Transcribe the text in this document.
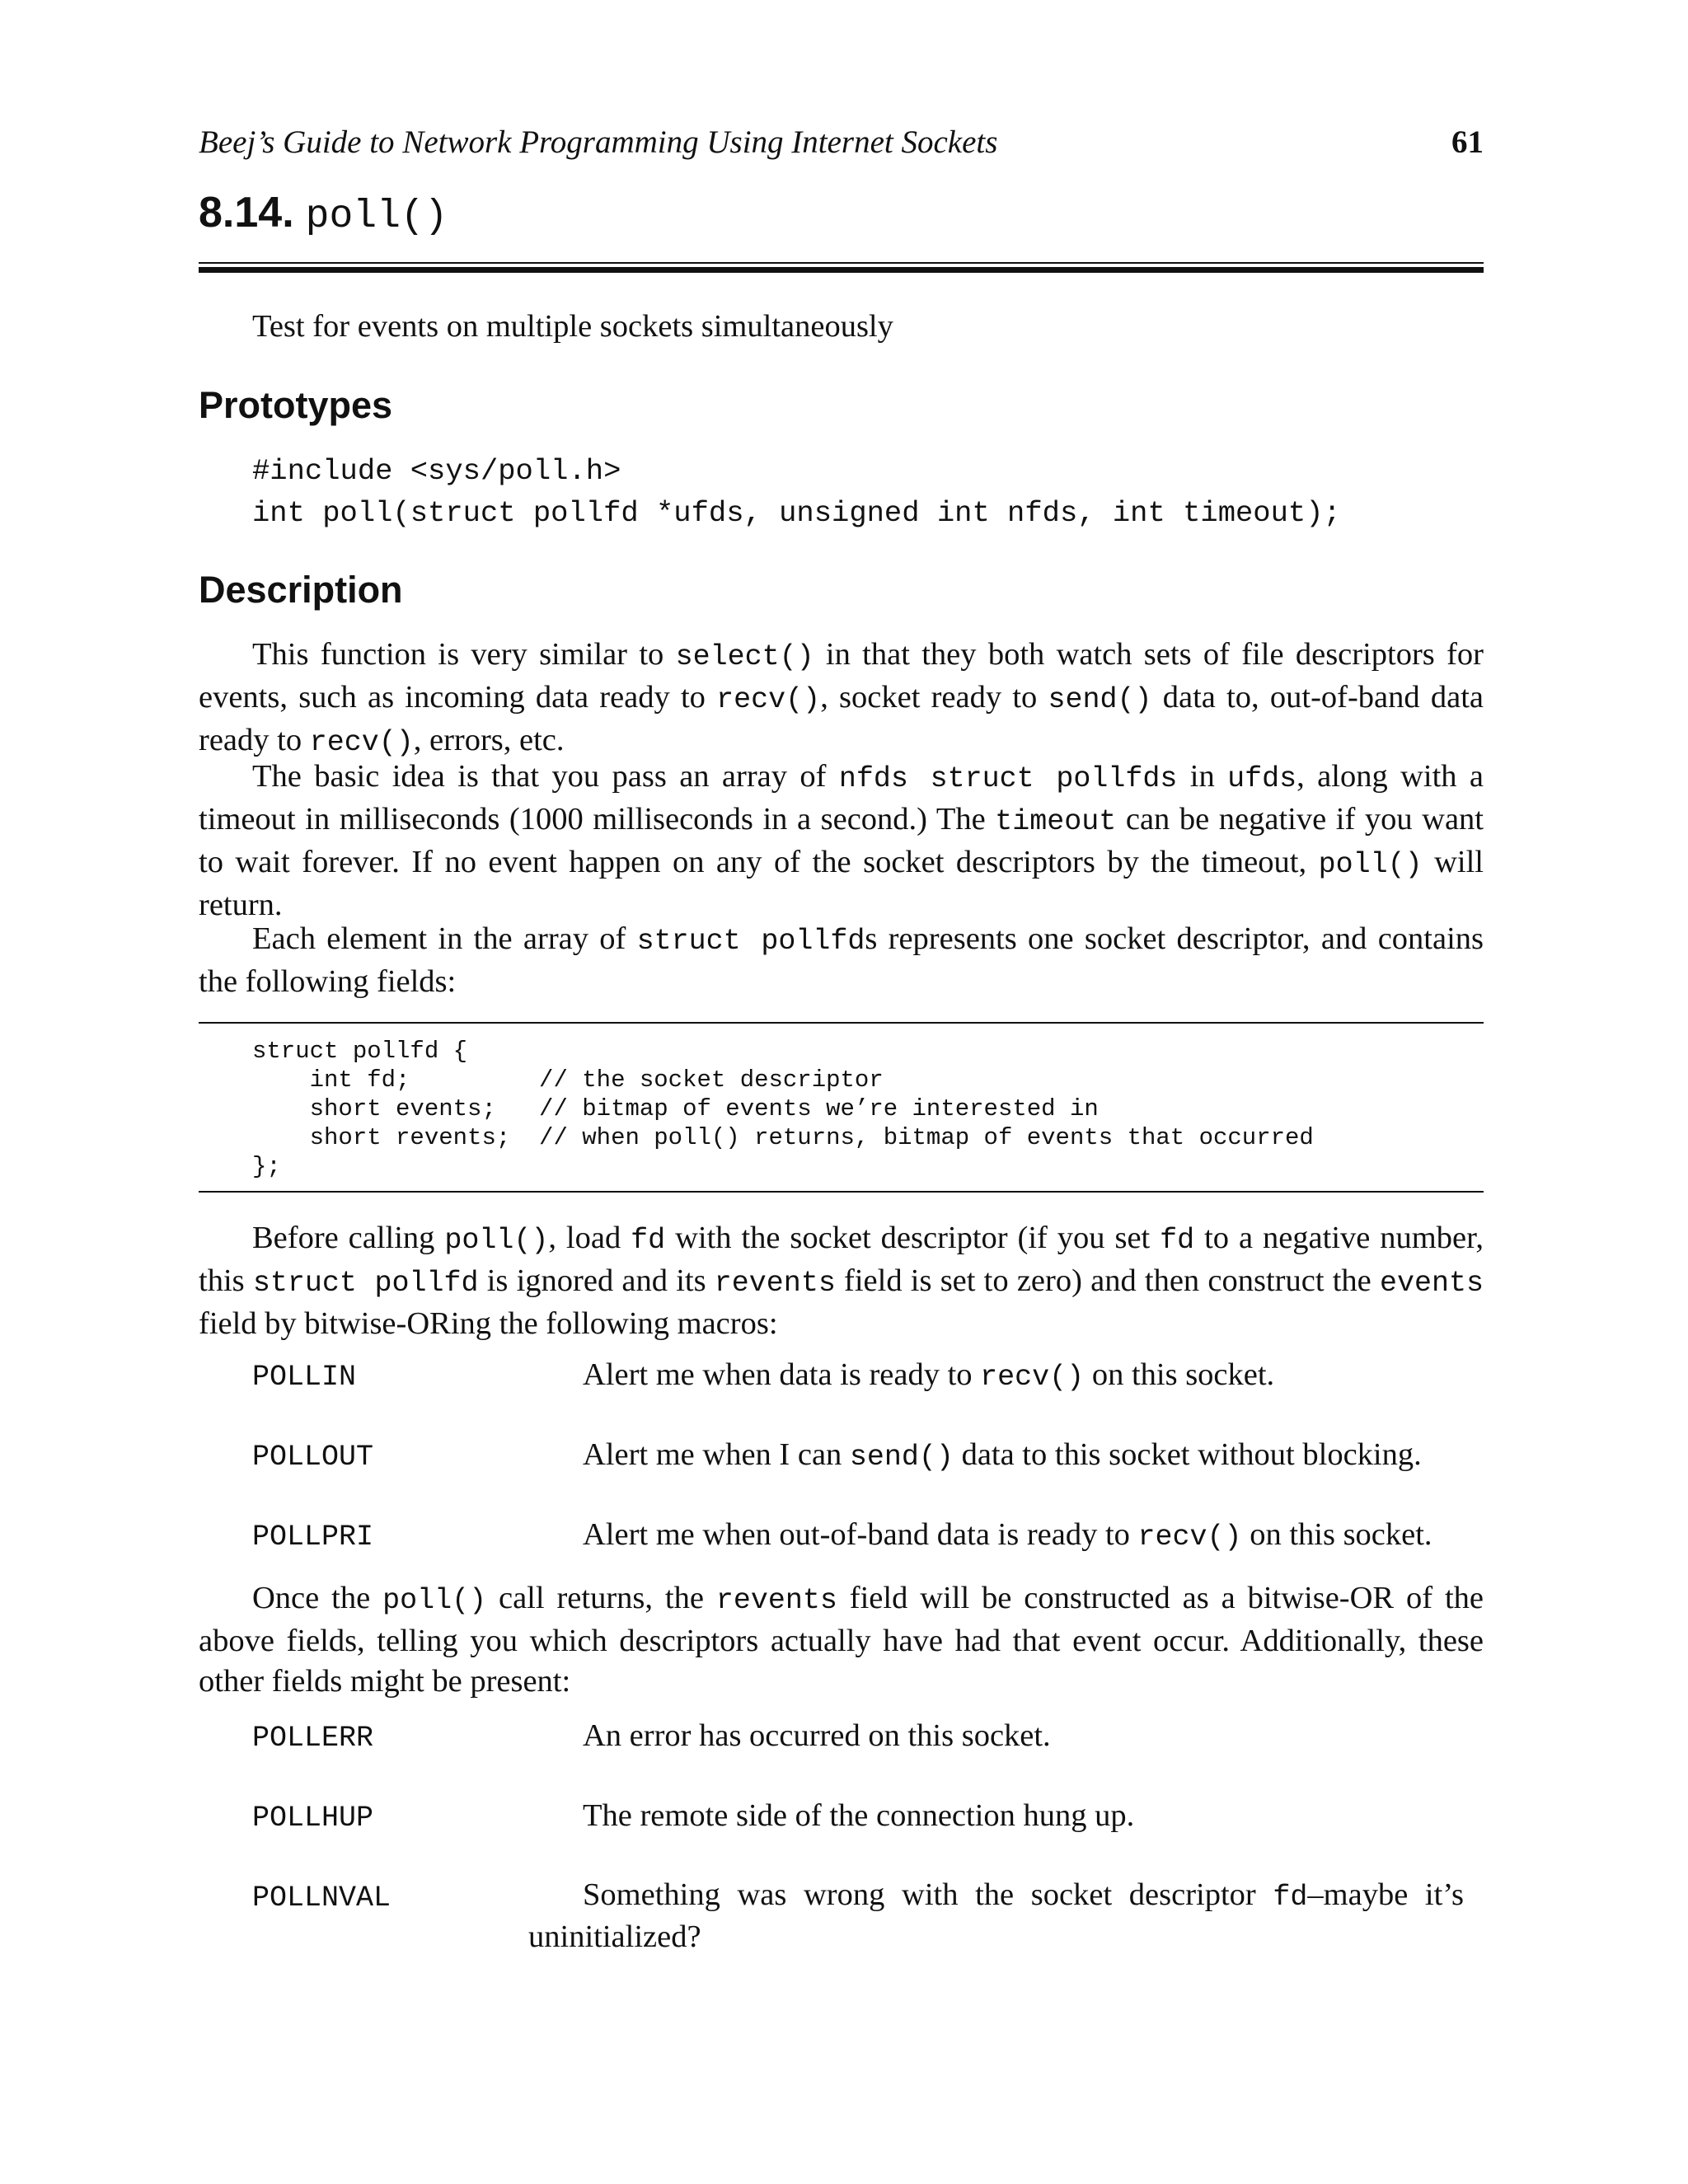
Beej’s Guide to Network Programming Using Internet Sockets	61
8.14. poll()

Test for events on multiple sockets simultaneously

Prototypes
#include <sys/poll.h>
int poll(struct pollfd *ufds, unsigned int nfds, int timeout);
Description

This function is very similar to select() in that they both watch sets of file descriptors for events, such as incoming data ready to recv(), socket ready to send() data to, out-of-band data ready to recv(), errors, etc.

The basic idea is that you pass an array of nfds struct pollfds in ufds, along with a timeout in milliseconds (1000 milliseconds in a second.) The timeout can be negative if you want to wait forever. If no event happen on any of the socket descriptors by the timeout, poll() will return.

Each element in the array of struct pollfds represents one socket descriptor, and contains the following fields:

struct pollfd {
int fd;         // the socket descriptor
short events;   // bitmap of events we’re interested in
short revents;  // when poll() returns, bitmap of events that occurred
};

Before calling poll(), load fd with the socket descriptor (if you set fd to a negative number, this struct pollfd is ignored and its revents field is set to zero) and then construct the events field by bitwise-ORing the following macros:

POLLIN	Alert me when data is ready to recv() on this socket.
POLLOUT	Alert me when I can send() data to this socket without blocking.
POLLPRI	Alert me when out-of-band data is ready to recv() on this socket.

Once the poll() call returns, the revents field will be constructed as a bitwise-OR of the above fields, telling you which descriptors actually have had that event occur. Additionally, these other fields might be present:

POLLERR	An error has occurred on this socket.
POLLHUP	The remote side of the connection hung up.
POLLNVAL	Something was wrong with the socket descriptor fd–maybe it’s uninitialized?
